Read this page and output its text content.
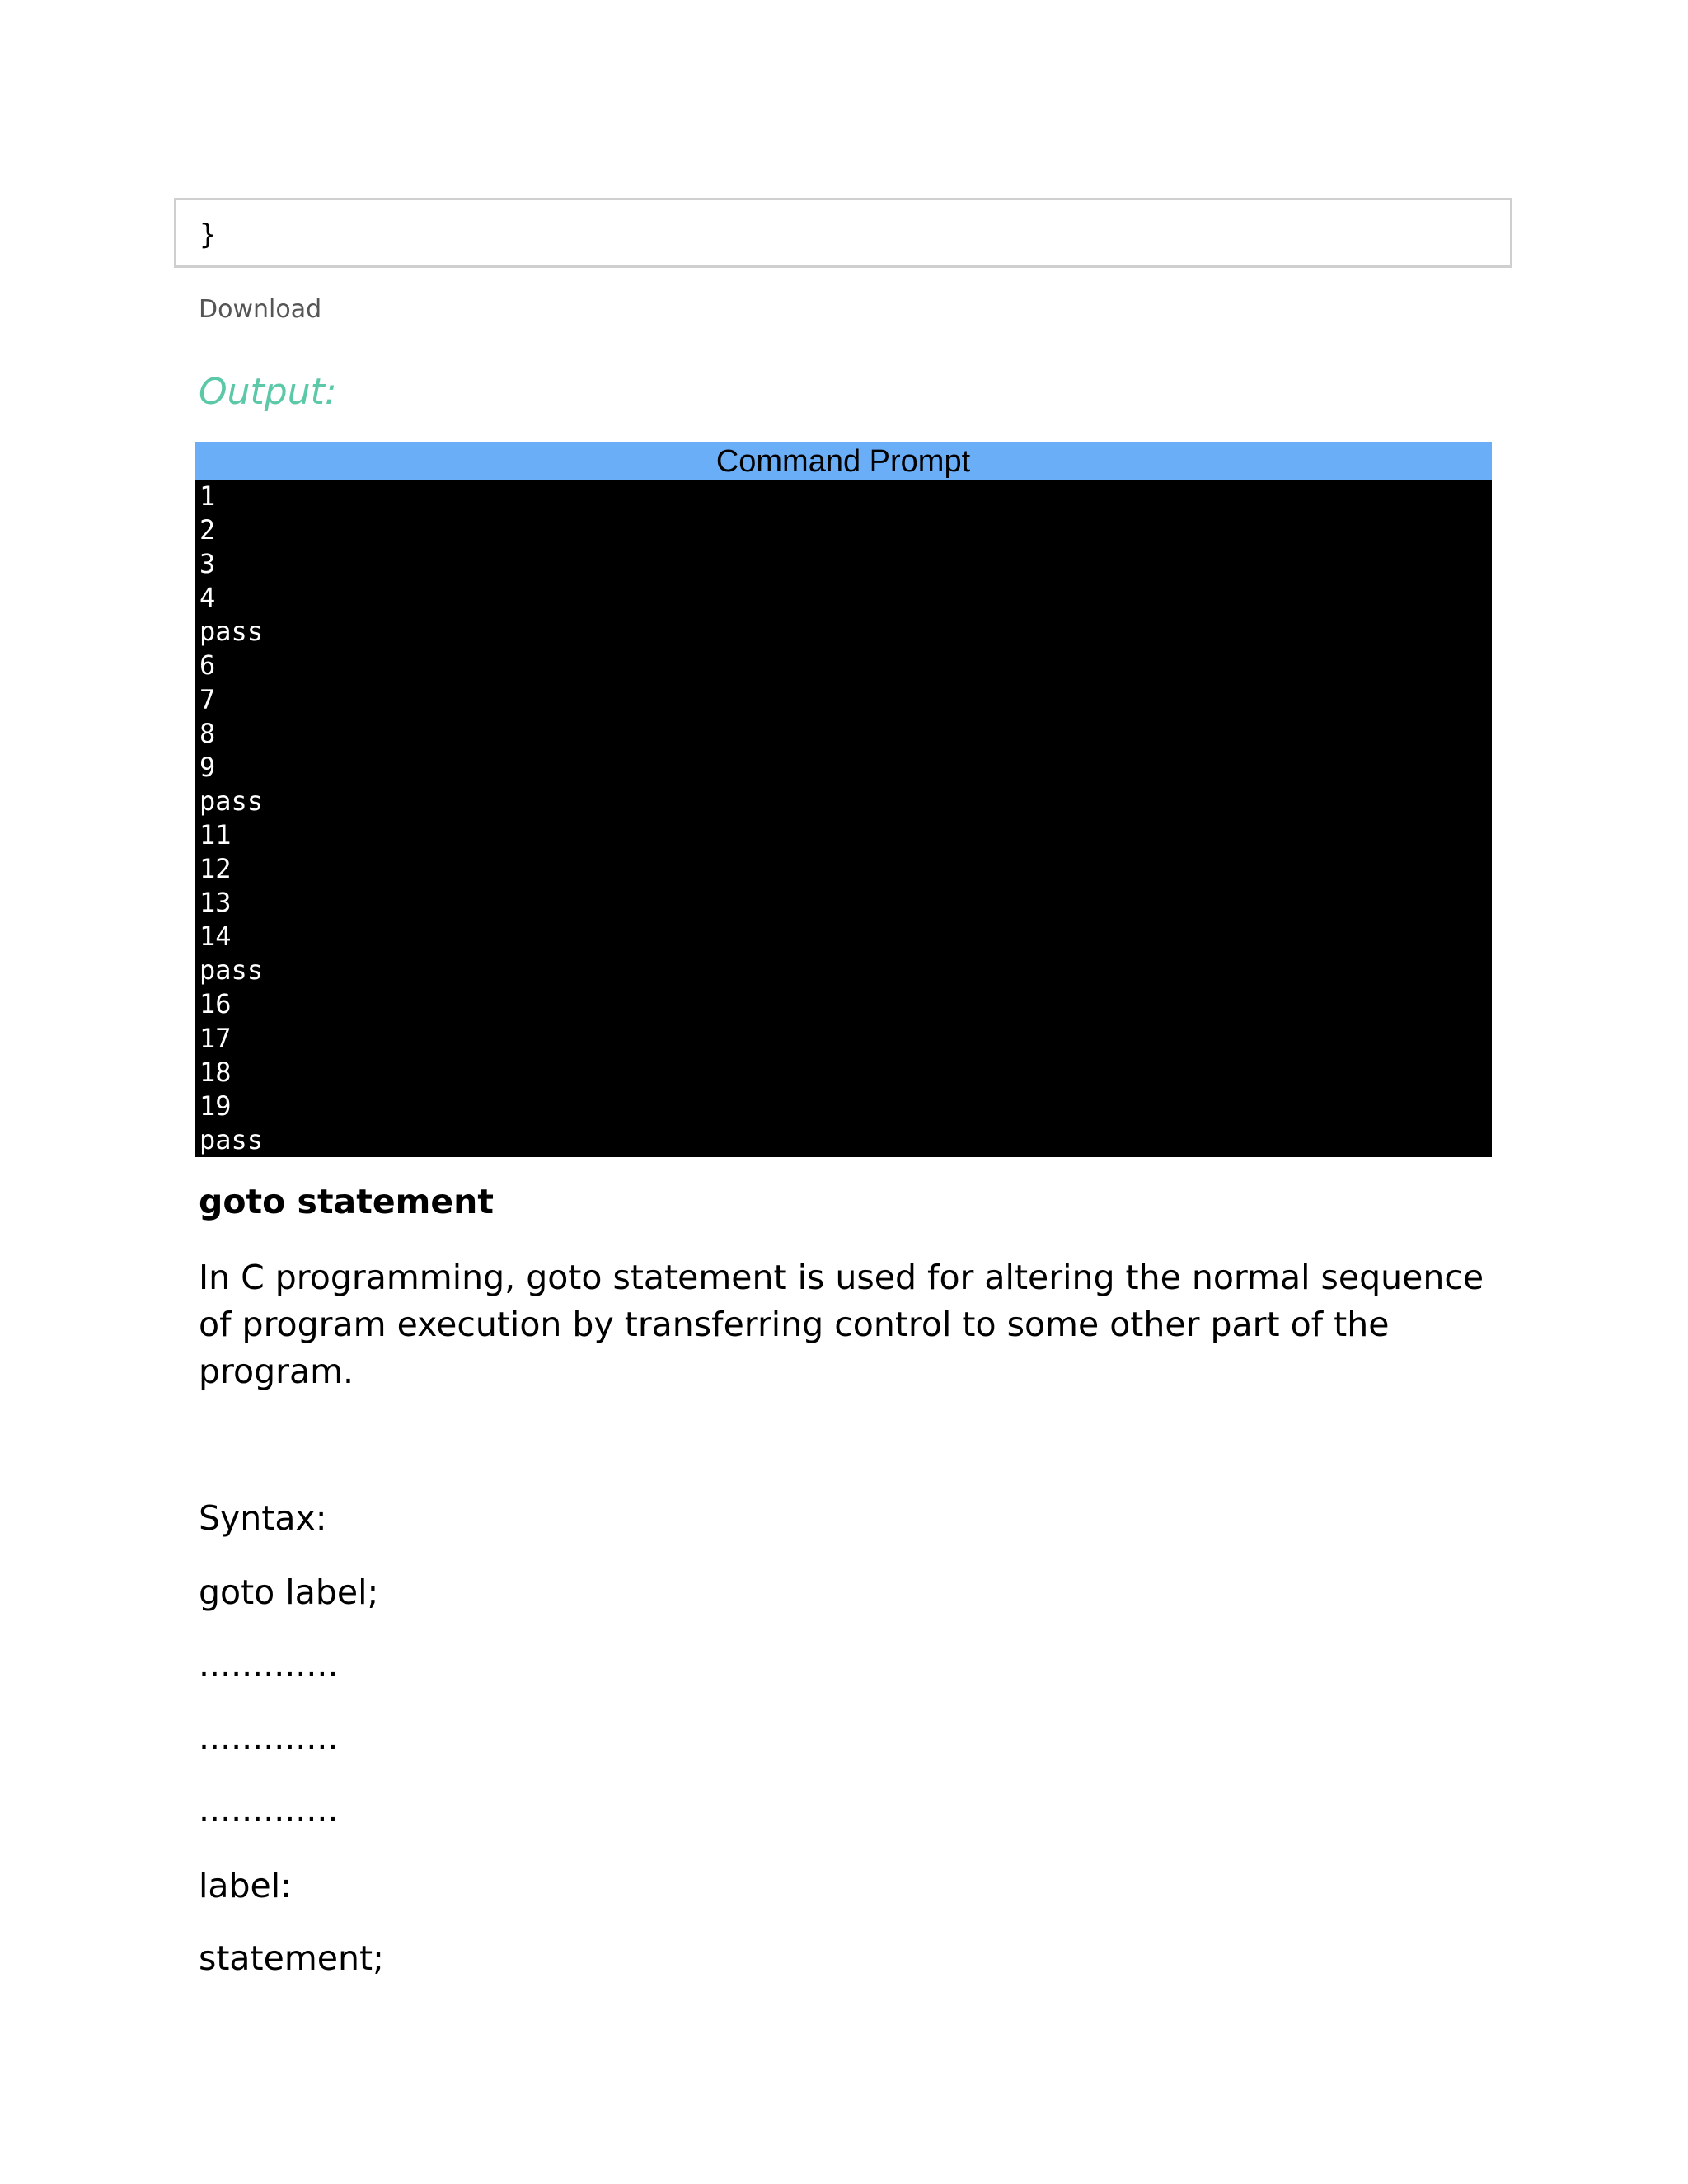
}
Download
Output:
Command Prompt
1
2
3
4
pass
6
7
8
9
pass
11
12
13
14
pass
16
17
18
19
pass
goto statement

In C programming, goto statement is used for altering the normal sequence of program execution by transferring control to some other part of the program.

Syntax:

goto label;

.............

.............

.............

label:

statement;
